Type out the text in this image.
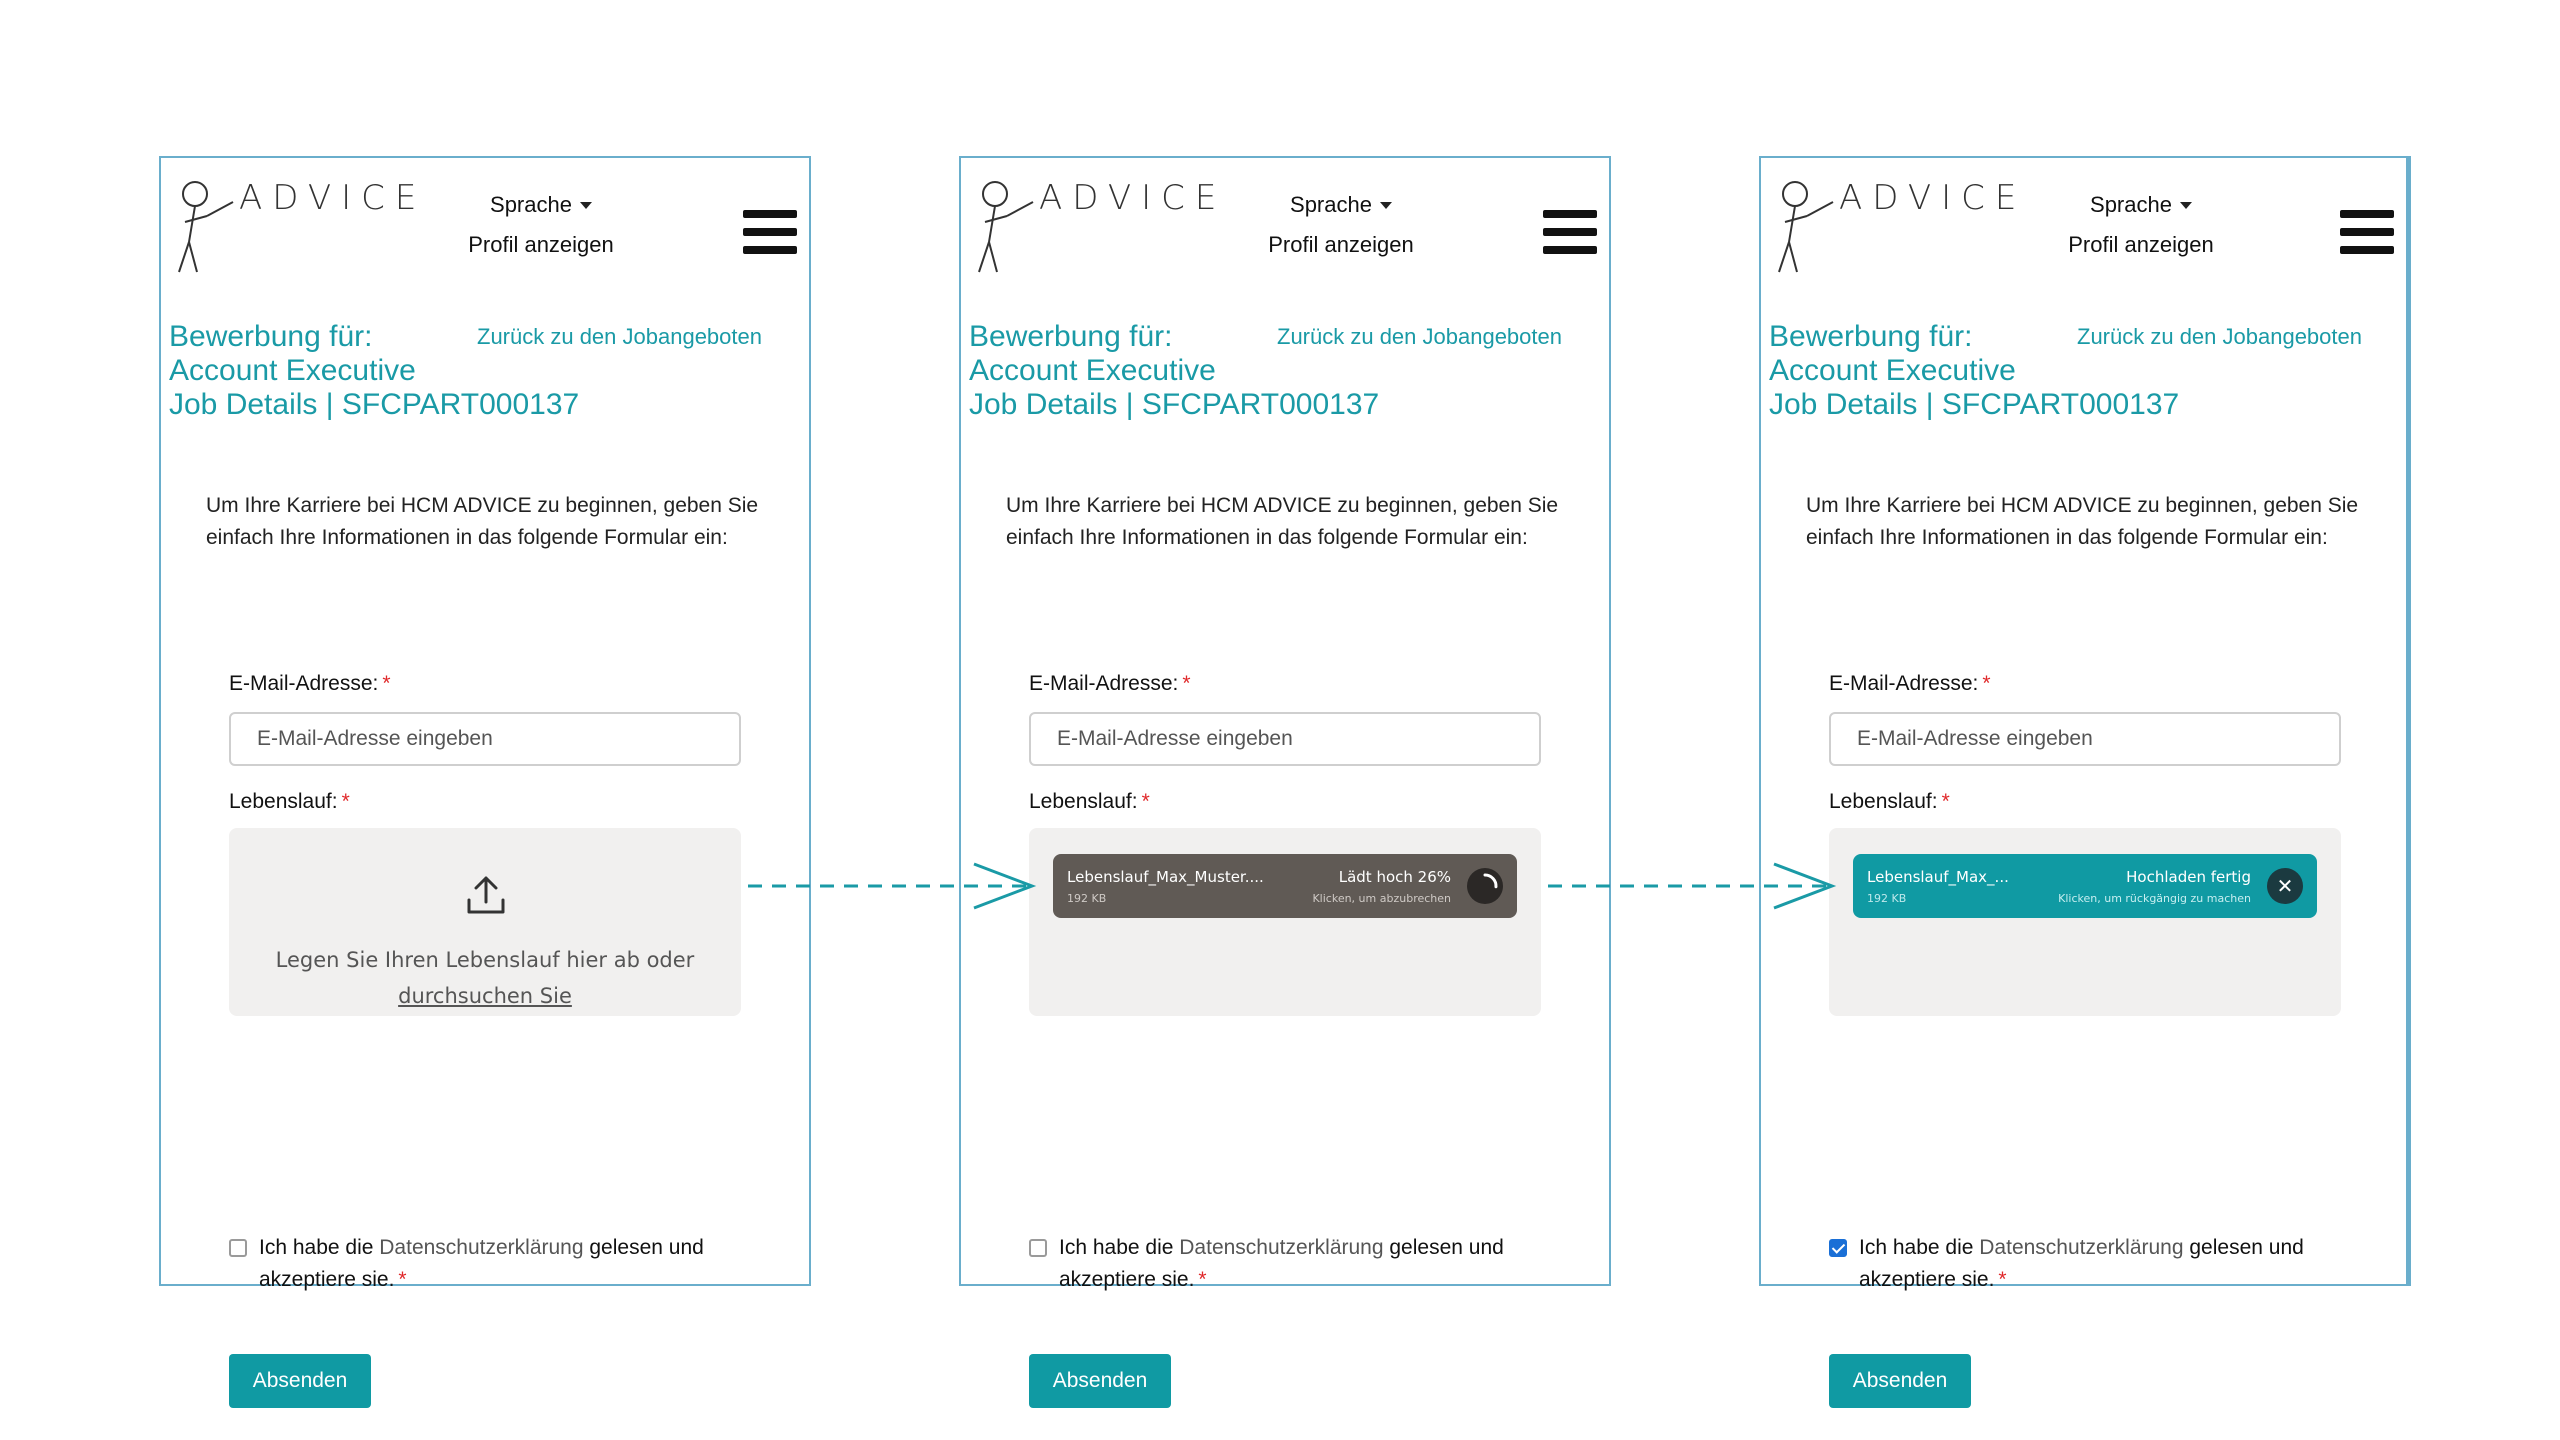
ADVICE	Sprache
Profil anzeigen
Bewerbung für:
Account Executive
Job Details | SFCPART000137
Zurück zu den Jobangeboten
Um Ihre Karriere bei HCM ADVICE zu beginnen, geben Sie einfach Ihre Informationen in das folgende Formular ein:
E-Mail-Adresse: *
E-Mail-Adresse eingeben
Lebenslauf: *
Legen Sie Ihren Lebenslauf hier ab oder
durchsuchen Sie
Ich habe die Datenschutzerklärung gelesen und akzeptiere sie. *
Absenden
ADVICE	Sprache
Profil anzeigen
Bewerbung für:
Account Executive
Job Details | SFCPART000137
Zurück zu den Jobangeboten
Um Ihre Karriere bei HCM ADVICE zu beginnen, geben Sie einfach Ihre Informationen in das folgende Formular ein:
E-Mail-Adresse: *
E-Mail-Adresse eingeben
Lebenslauf: *
Lebenslauf_Max_Muster....
192 KB
Lädt hoch 26%
Klicken, um abzubrechen
Ich habe die Datenschutzerklärung gelesen und akzeptiere sie. *
Absenden
ADVICE	Sprache
Profil anzeigen
Bewerbung für:
Account Executive
Job Details | SFCPART000137
Zurück zu den Jobangeboten
Um Ihre Karriere bei HCM ADVICE zu beginnen, geben Sie einfach Ihre Informationen in das folgende Formular ein:
E-Mail-Adresse: *
E-Mail-Adresse eingeben
Lebenslauf: *
Lebenslauf_Max_...
192 KB
Hochladen fertig
Klicken, um rückgängig zu machen
✕
Ich habe die Datenschutzerklärung gelesen und akzeptiere sie. *
Absenden
